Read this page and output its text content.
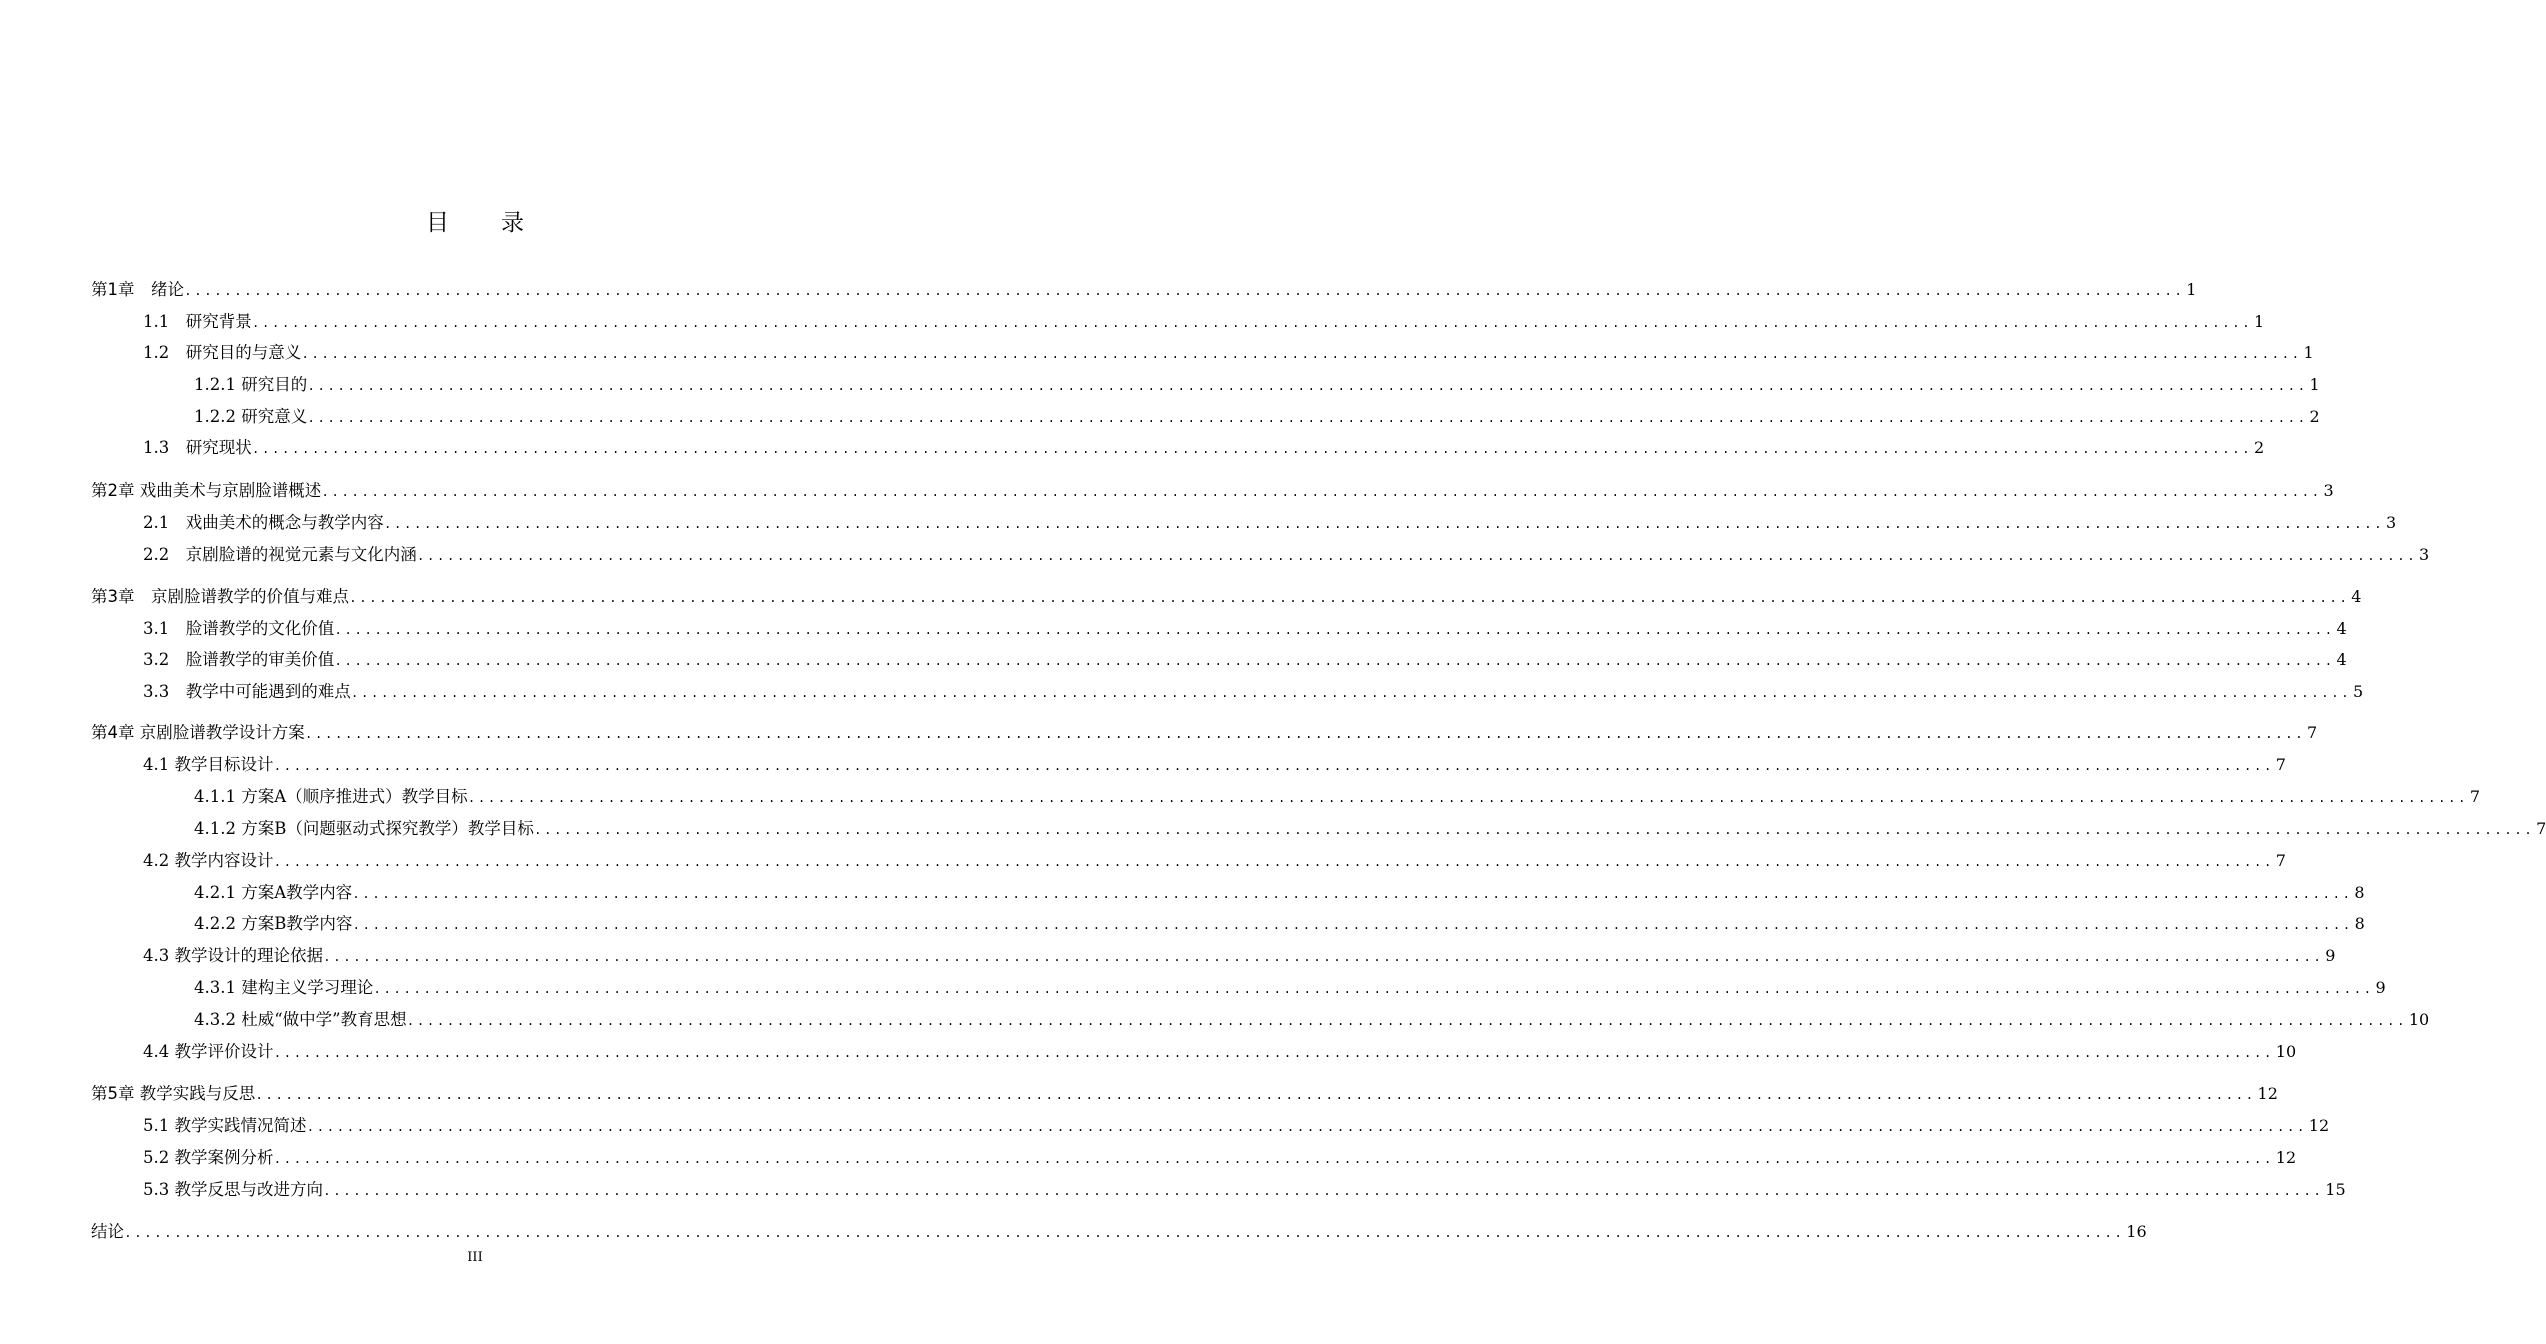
目 录
第1章　绪论 ........................................................................................................................................................................................................ 1
1.1　研究背景 ........................................................................................................................................................................................................ 1
1.2　研究目的与意义 ........................................................................................................................................................................................................ 1
1.2.1 研究目的 ........................................................................................................................................................................................................ 1
1.2.2 研究意义 ........................................................................................................................................................................................................ 2
1.3　研究现状 ........................................................................................................................................................................................................ 2
第2章 戏曲美术与京剧脸谱概述 ........................................................................................................................................................................................................ 3
2.1　戏曲美术的概念与教学内容 ........................................................................................................................................................................................................ 3
2.2　京剧脸谱的视觉元素与文化内涵 ........................................................................................................................................................................................................ 3
第3章　京剧脸谱教学的价值与难点 ........................................................................................................................................................................................................ 4
3.1　脸谱教学的文化价值 ........................................................................................................................................................................................................ 4
3.2　脸谱教学的审美价值 ........................................................................................................................................................................................................ 4
3.3　教学中可能遇到的难点 ........................................................................................................................................................................................................ 5
第4章 京剧脸谱教学设计方案 ........................................................................................................................................................................................................ 7
4.1 教学目标设计 ........................................................................................................................................................................................................ 7
4.1.1 方案A（顺序推进式）教学目标 ........................................................................................................................................................................................................ 7
4.1.2 方案B（问题驱动式探究教学）教学目标 ........................................................................................................................................................................................................ 7
4.2 教学内容设计 ........................................................................................................................................................................................................ 7
4.2.1 方案A教学内容 ........................................................................................................................................................................................................ 8
4.2.2 方案B教学内容 ........................................................................................................................................................................................................ 8
4.3 教学设计的理论依据 ........................................................................................................................................................................................................ 9
4.3.1 建构主义学习理论 ........................................................................................................................................................................................................ 9
4.3.2 杜威“做中学”教育思想 ........................................................................................................................................................................................................ 10
4.4 教学评价设计 ........................................................................................................................................................................................................ 10
第5章 教学实践与反思 ........................................................................................................................................................................................................ 12
5.1 教学实践情况简述 ........................................................................................................................................................................................................ 12
5.2 教学案例分析 ........................................................................................................................................................................................................ 12
5.3 教学反思与改进方向 ........................................................................................................................................................................................................ 15
结论 ........................................................................................................................................................................................................ 16
III
